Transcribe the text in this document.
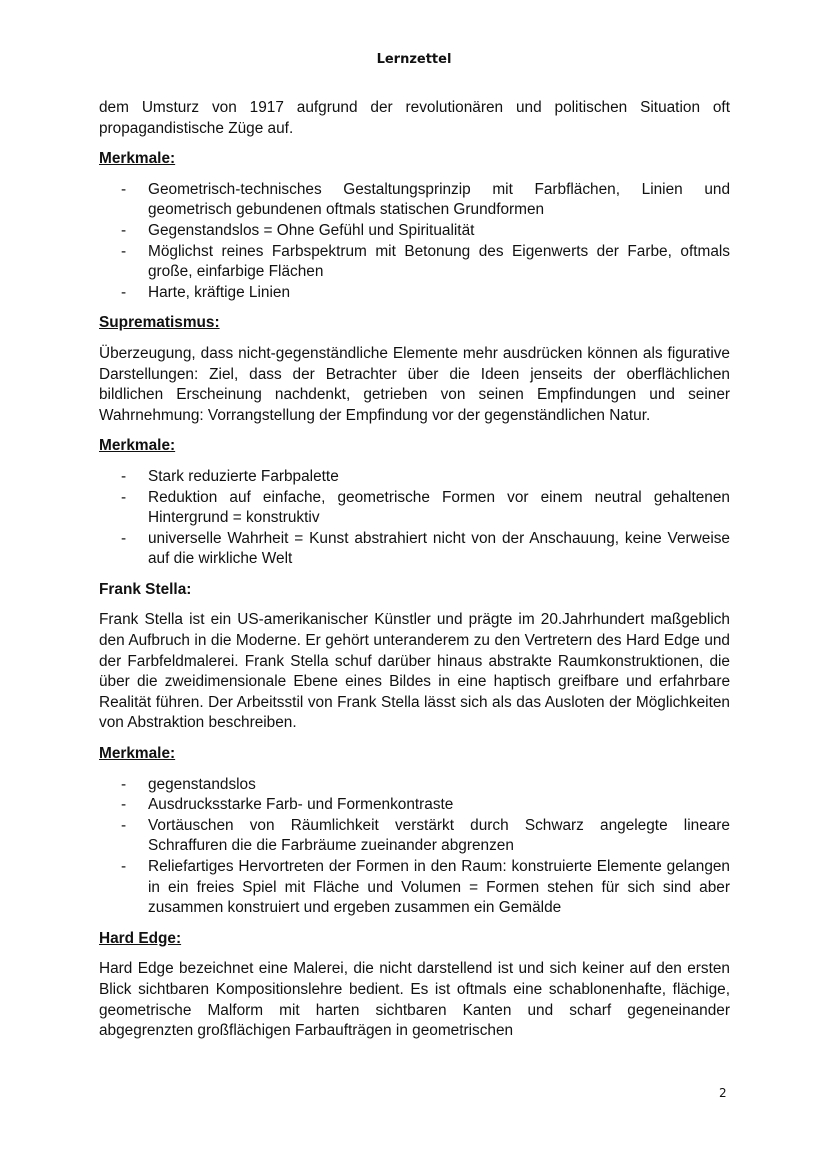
Lernzettel

dem Umsturz von 1917 aufgrund der revolutionären und politischen Situation oft propagandistische Züge auf.

Merkmale:
- Geometrisch-technisches Gestaltungsprinzip mit Farbflächen, Linien und geometrisch gebundenen oftmals statischen Grundformen
- Gegenstandslos = Ohne Gefühl und Spiritualität
- Möglichst reines Farbspektrum mit Betonung des Eigenwerts der Farbe, oftmals große, einfarbige Flächen
- Harte, kräftige Linien
Suprematismus:

Überzeugung, dass nicht-gegenständliche Elemente mehr ausdrücken können als figurative Darstellungen: Ziel, dass der Betrachter über die Ideen jenseits der oberflächlichen bildlichen Erscheinung nachdenkt, getrieben von seinen Empfindungen und seiner Wahrnehmung: Vorrangstellung der Empfindung vor der gegenständlichen Natur.

Merkmale:
- Stark reduzierte Farbpalette
- Reduktion auf einfache, geometrische Formen vor einem neutral gehaltenen Hintergrund = konstruktiv
- universelle Wahrheit = Kunst abstrahiert nicht von der Anschauung, keine Verweise auf die wirkliche Welt
Frank Stella:

Frank Stella ist ein US-amerikanischer Künstler und prägte im 20.Jahrhundert maßgeblich den Aufbruch in die Moderne. Er gehört unteranderem zu den Vertretern des Hard Edge und der Farbfeldmalerei. Frank Stella schuf darüber hinaus abstrakte Raumkonstruktionen, die über die zweidimensionale Ebene eines Bildes in eine haptisch greifbare und erfahrbare Realität führen. Der Arbeitsstil von Frank Stella lässt sich als das Ausloten der Möglichkeiten von Abstraktion beschreiben.

Merkmale:
- gegenstandslos
- Ausdrucksstarke Farb- und Formenkontraste
- Vortäuschen von Räumlichkeit verstärkt durch Schwarz angelegte lineare Schraffuren die die Farbräume zueinander abgrenzen
- Reliefartiges Hervortreten der Formen in den Raum: konstruierte Elemente gelangen in ein freies Spiel mit Fläche und Volumen = Formen stehen für sich sind aber zusammen konstruiert und ergeben zusammen ein Gemälde
Hard Edge:

Hard Edge bezeichnet eine Malerei, die nicht darstellend ist und sich keiner auf den ersten Blick sichtbaren Kompositionslehre bedient. Es ist oftmals eine schablonenhafte, flächige, geometrische Malform mit harten sichtbaren Kanten und scharf gegeneinander abgegrenzten großflächigen Farbaufträgen in geometrischen

2
